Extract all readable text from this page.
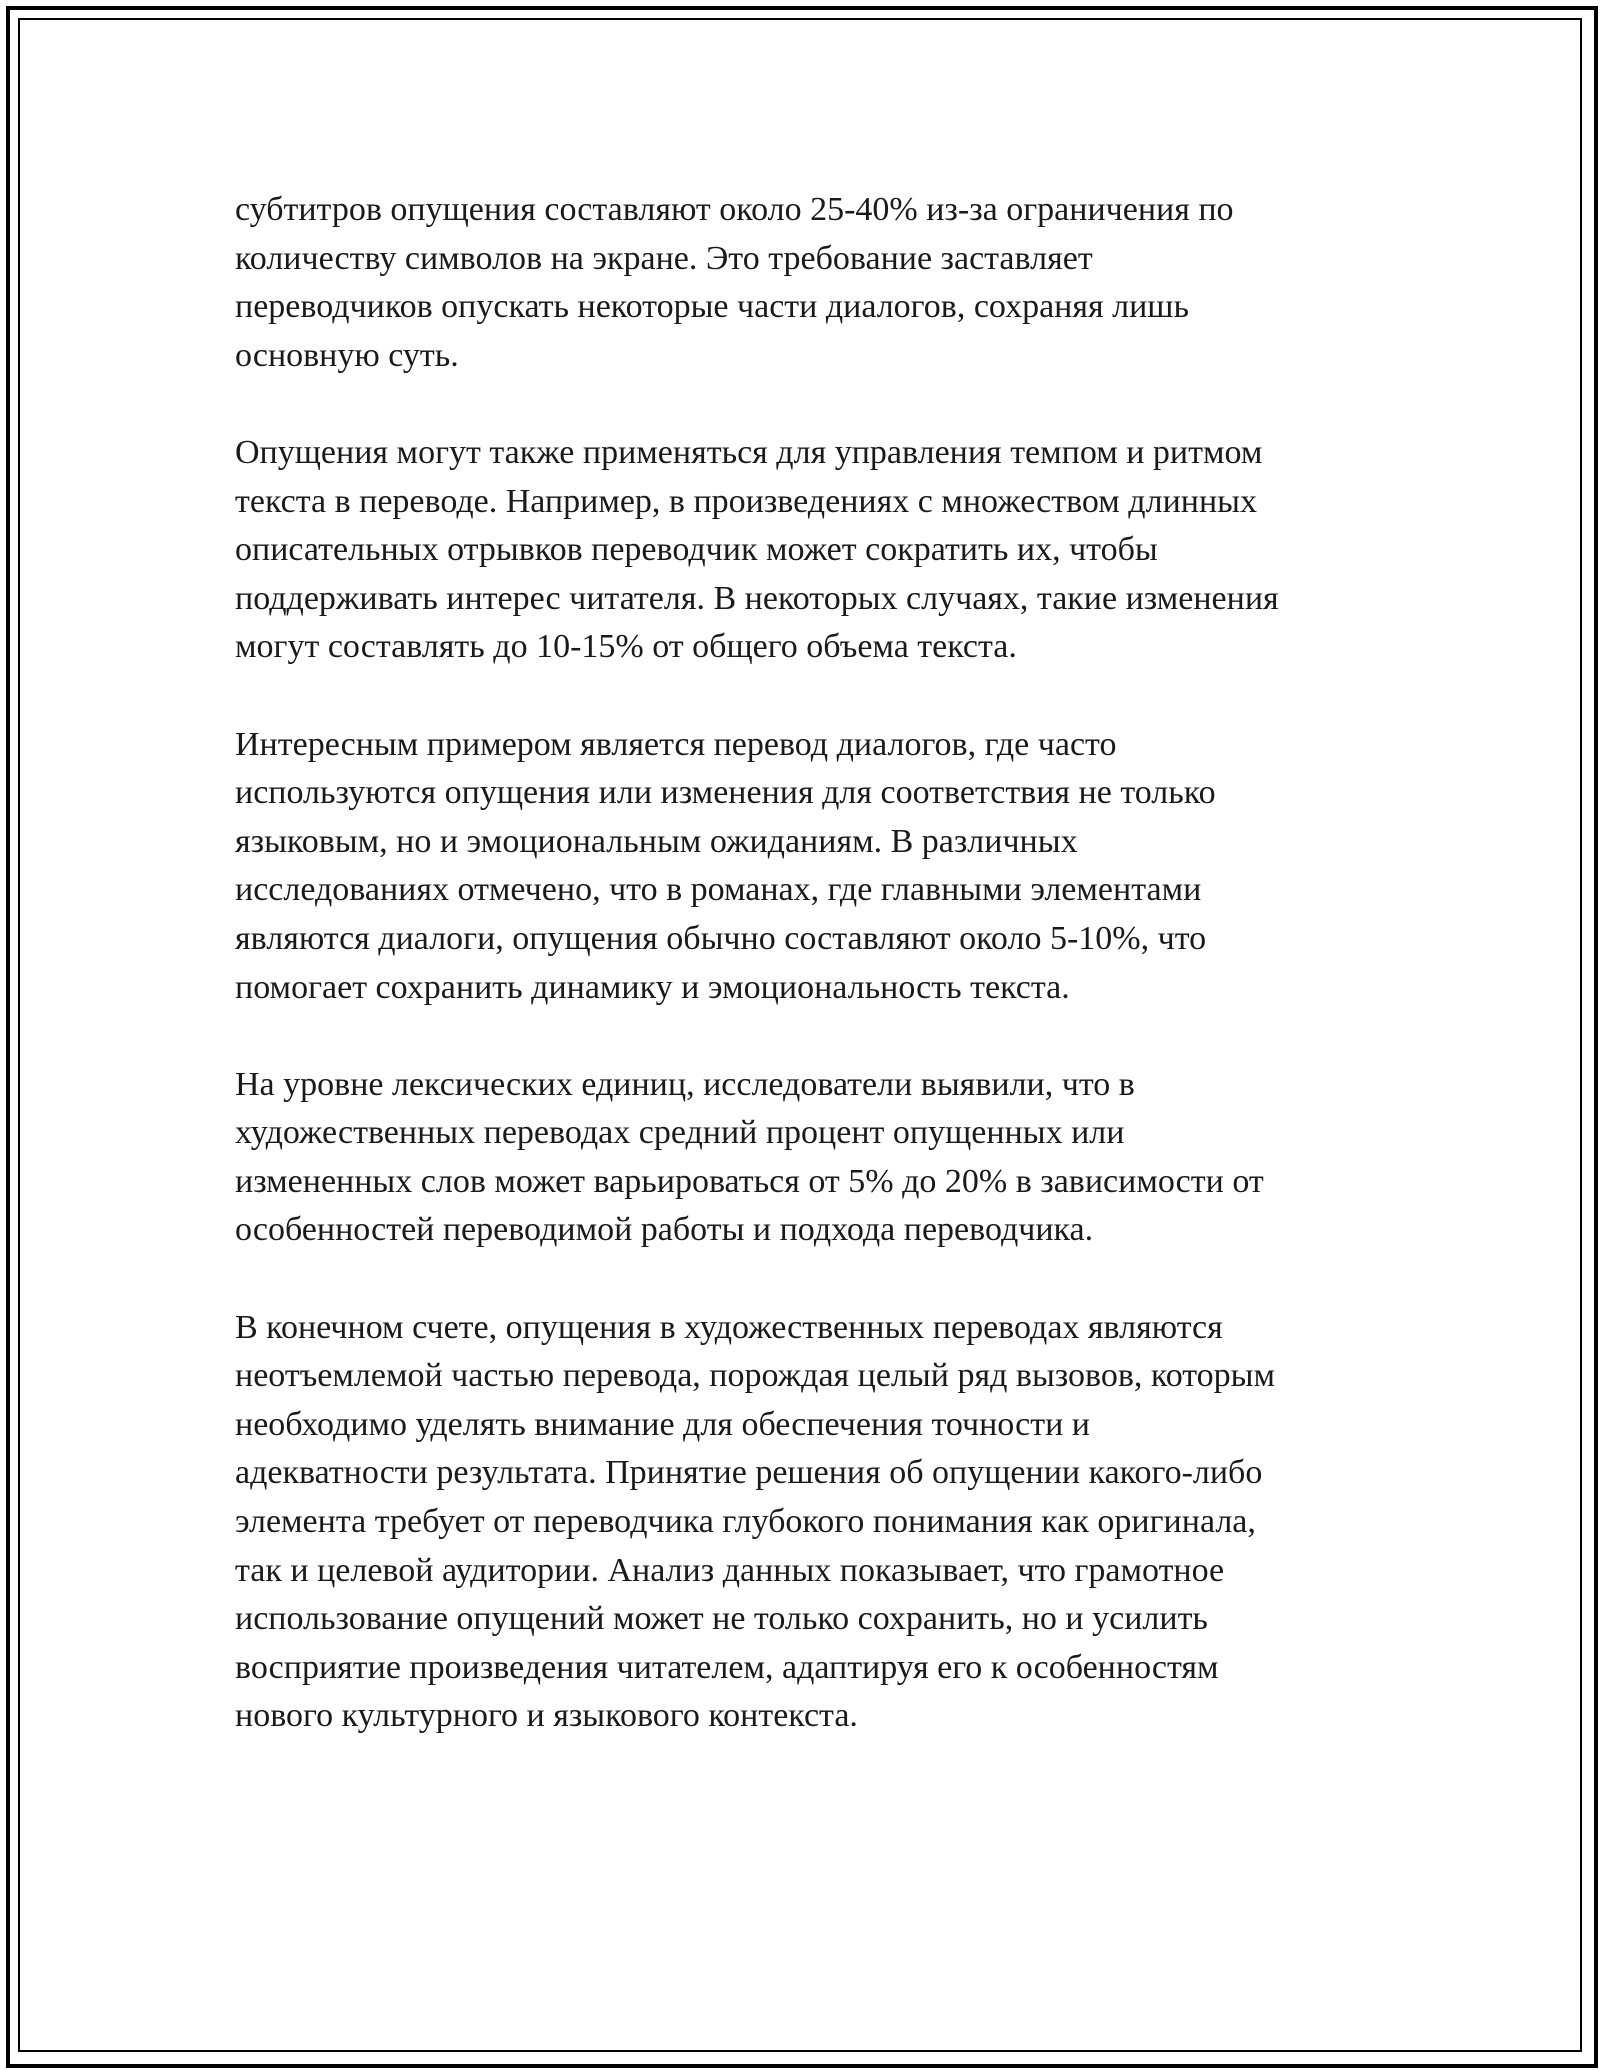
субтитров опущения составляют около 25-40% из-за ограничения по
количеству символов на экране. Это требование заставляет
переводчиков опускать некоторые части диалогов, сохраняя лишь
основную суть.

Опущения могут также применяться для управления темпом и ритмом
текста в переводе. Например, в произведениях с множеством длинных
описательных отрывков переводчик может сократить их, чтобы
поддерживать интерес читателя. В некоторых случаях, такие изменения
могут составлять до 10-15% от общего объема текста.

Интересным примером является перевод диалогов, где часто
используются опущения или изменения для соответствия не только
языковым, но и эмоциональным ожиданиям. В различных
исследованиях отмечено, что в романах, где главными элементами
являются диалоги, опущения обычно составляют около 5-10%, что
помогает сохранить динамику и эмоциональность текста.

На уровне лексических единиц, исследователи выявили, что в
художественных переводах средний процент опущенных или
измененных слов может варьироваться от 5% до 20% в зависимости от
особенностей переводимой работы и подхода переводчика.

В конечном счете, опущения в художественных переводах являются
неотъемлемой частью перевода, порождая целый ряд вызовов, которым
необходимо уделять внимание для обеспечения точности и
адекватности результата. Принятие решения об опущении какого-либо
элемента требует от переводчика глубокого понимания как оригинала,
так и целевой аудитории. Анализ данных показывает, что грамотное
использование опущений может не только сохранить, но и усилить
восприятие произведения читателем, адаптируя его к особенностям
нового культурного и языкового контекста.
